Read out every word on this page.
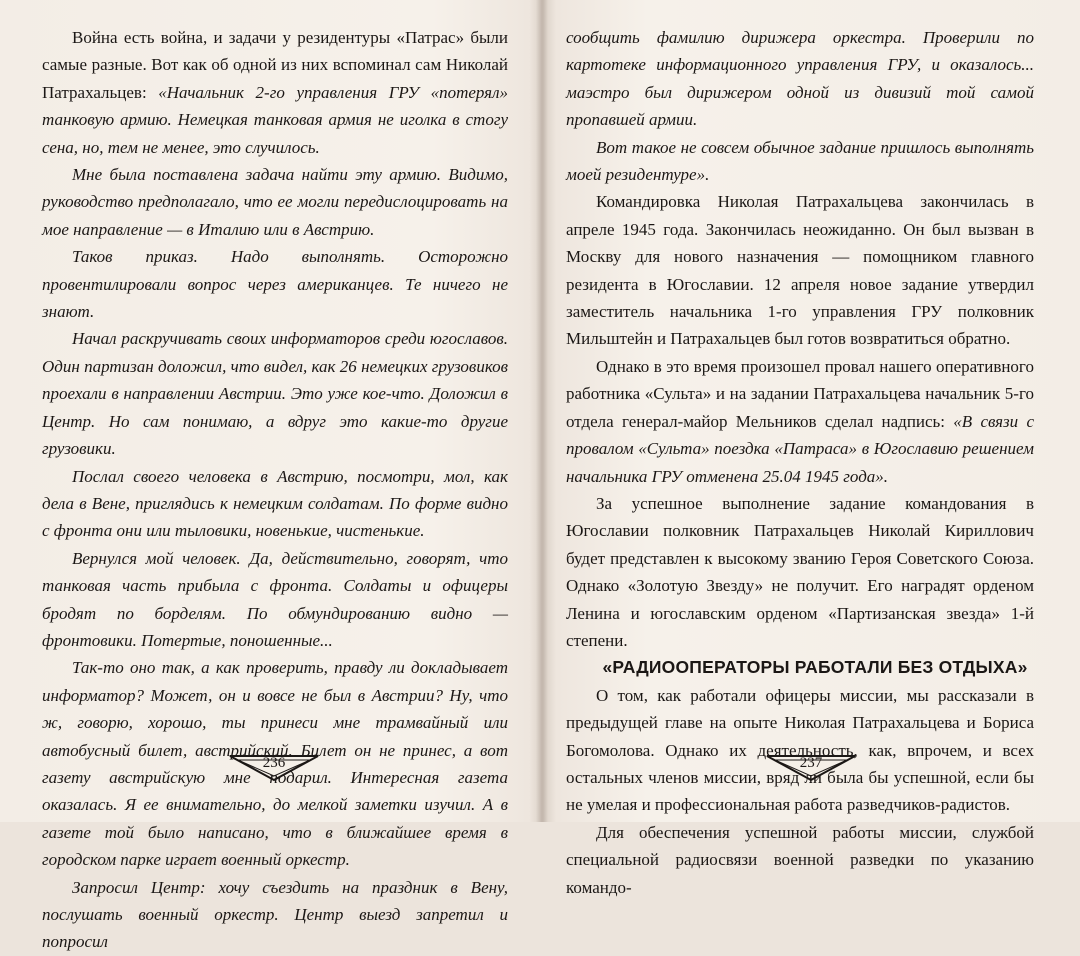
Война есть война, и задачи у резидентуры «Патрас» были самые разные. Вот как об одной из них вспоминал сам Николай Патрахальцев: «Начальник 2-го управления ГРУ «потерял» танковую армию. Немецкая танковая армия не иголка в стогу сена, но, тем не менее, это случилось.

Мне была поставлена задача найти эту армию. Видимо, руководство предполагало, что ее могли передислоцировать на мое направление — в Италию или в Австрию.

Таков приказ. Надо выполнять. Осторожно провентилировали вопрос через американцев. Те ничего не знают.

Начал раскручивать своих информаторов среди югославов. Один партизан доложил, что видел, как 26 немецких грузовиков проехали в направлении Австрии. Это уже кое-что. Доложил в Центр. Но сам понимаю, а вдруг это какие-то другие грузовики.

Послал своего человека в Австрию, посмотри, мол, как дела в Вене, приглядись к немецким солдатам. По форме видно с фронта они или тыловики, новенькие, чистенькие.

Вернулся мой человек. Да, действительно, говорят, что танковая часть прибыла с фронта. Солдаты и офицеры бродят по борделям. По обмундированию видно — фронтовики. Потертые, поношенные...

Так-то оно так, а как проверить, правду ли докладывает информатор? Может, он и вовсе не был в Австрии? Ну, что ж, говорю, хорошо, ты принеси мне трамвайный или автобусный билет, австрийский. Билет он не принес, а вот газету австрийскую мне подарил. Интересная газета оказалась. Я ее внимательно, до мелкой заметки изучил. А в газете той было написано, что в ближайшее время в городском парке играет военный оркестр.

Запросил Центр: хочу съездить на праздник в Вену, послушать военный оркестр. Центр выезд запретил и попросил

236

сообщить фамилию дирижера оркестра. Проверили по картотеке информационного управления ГРУ, и оказалось... маэстро был дирижером одной из дивизий той самой пропавшей армии.

Вот такое не совсем обычное задание пришлось выполнять моей резидентуре».

Командировка Николая Патрахальцева закончилась в апреле 1945 года. Закончилась неожиданно. Он был вызван в Москву для нового назначения — помощником главного резидента в Югославии. 12 апреля новое задание утвердил заместитель начальника 1-го управления ГРУ полковник Мильштейн и Патрахальцев был готов возвратиться обратно.

Однако в это время произошел провал нашего оперативного работника «Сульта» и на задании Патрахальцева начальник 5-го отдела генерал-майор Мельников сделал надпись: «В связи с провалом «Сульта» поездка «Патраса» в Югославию решением начальника ГРУ отменена 25.04 1945 года».

За успешное выполнение задание командования в Югославии полковник Патрахальцев Николай Кириллович будет представлен к высокому званию Героя Советского Союза. Однако «Золотую Звезду» не получит. Его наградят орденом Ленина и югославским орденом «Партизанская звезда» 1-й степени.

«РАДИООПЕРАТОРЫ РАБОТАЛИ БЕЗ ОТДЫХА»

О том, как работали офицеры миссии, мы рассказали в предыдущей главе на опыте Николая Патрахальцева и Бориса Богомолова. Однако их деятельность, как, впрочем, и всех остальных членов миссии, вряд ли была бы успешной, если бы не умелая и профессиональная работа разведчиков-радистов.

Для обеспечения успешной работы миссии, службой специальной радиосвязи военной разведки по указанию командо-

237
